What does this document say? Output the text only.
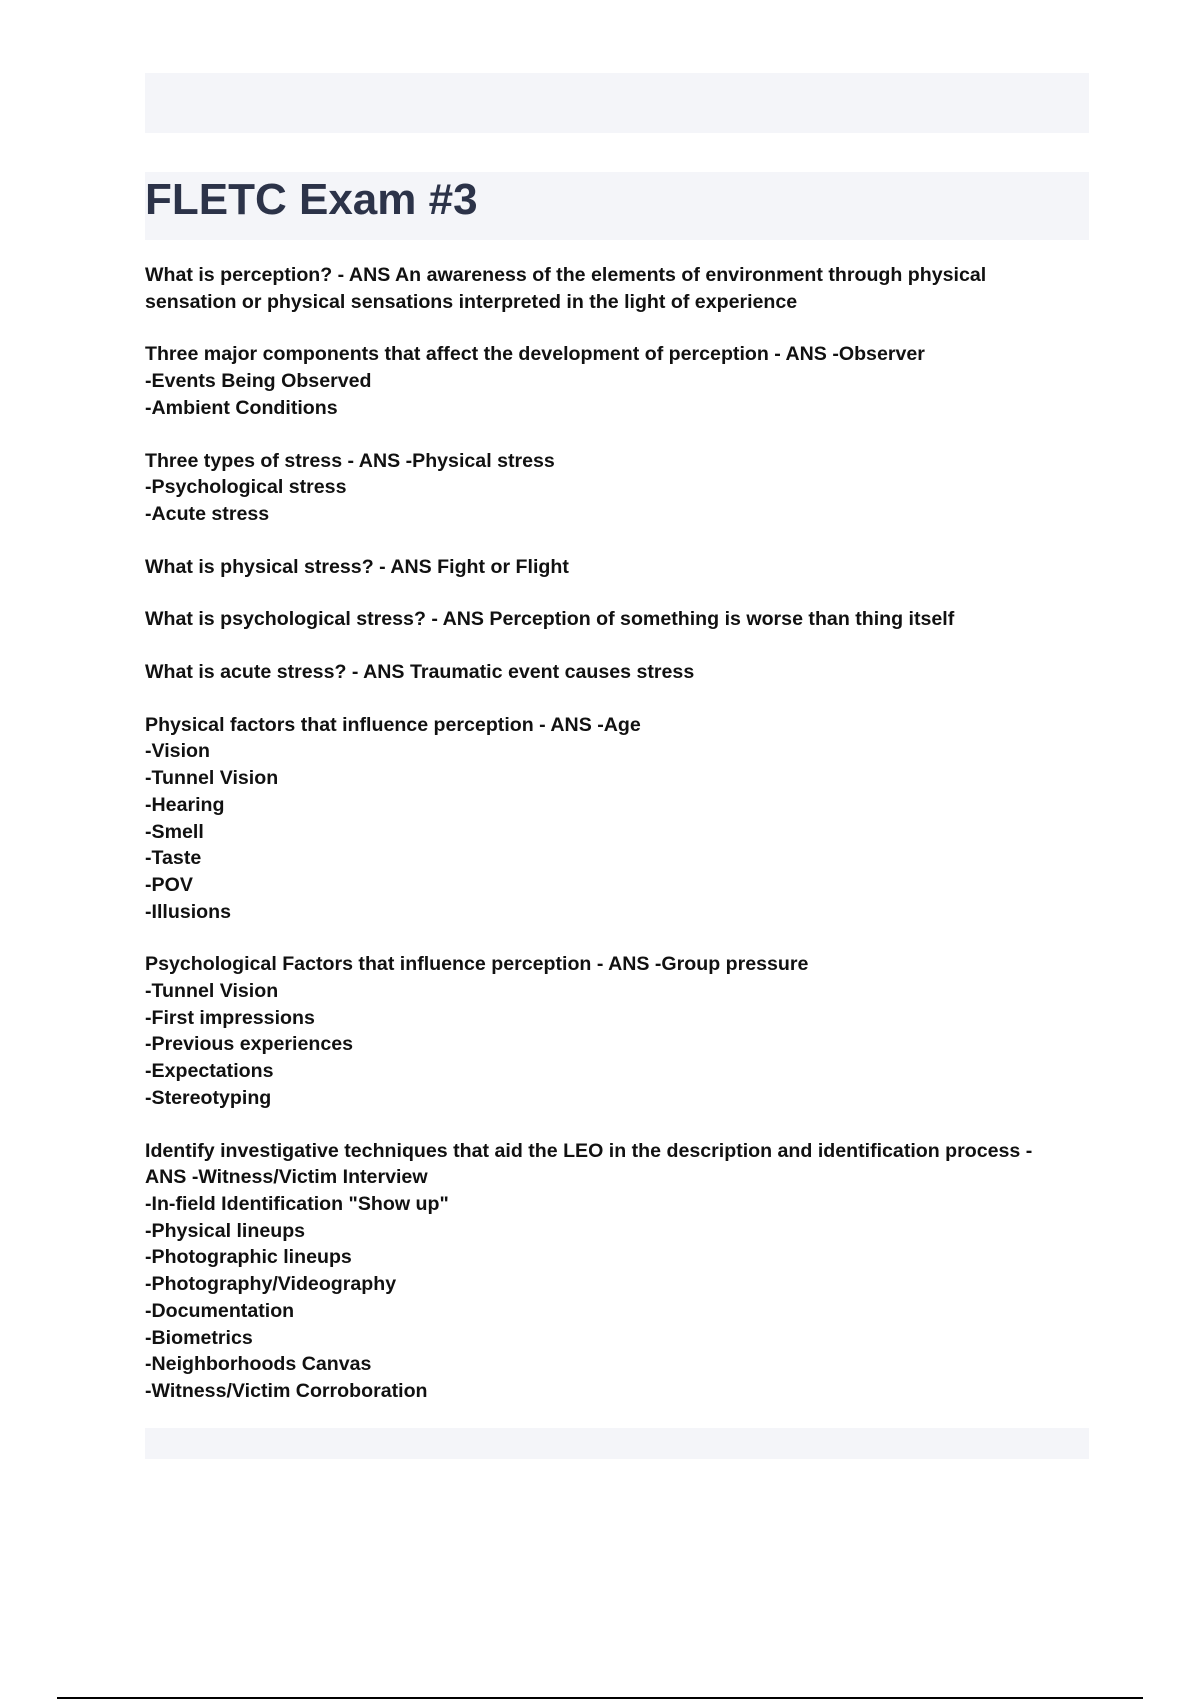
FLETC Exam #3
What is perception? - ANS An awareness of the elements of environment through physical
sensation or physical sensations interpreted in the light of experience
Three major components that affect the development of perception - ANS -Observer
-Events Being Observed
-Ambient Conditions
Three types of stress - ANS -Physical stress
-Psychological stress
-Acute stress
What is physical stress? - ANS Fight or Flight
What is psychological stress? - ANS Perception of something is worse than thing itself
What is acute stress? - ANS Traumatic event causes stress
Physical factors that influence perception - ANS -Age
-Vision
-Tunnel Vision
-Hearing
-Smell
-Taste
-POV
-Illusions
Psychological Factors that influence perception - ANS -Group pressure
-Tunnel Vision
-First impressions
-Previous experiences
-Expectations
-Stereotyping
Identify investigative techniques that aid the LEO in the description and identification process -
ANS -Witness/Victim Interview
-In-field Identification "Show up"
-Physical lineups
-Photographic lineups
-Photography/Videography
-Documentation
-Biometrics
-Neighborhoods Canvas
-Witness/Victim Corroboration
